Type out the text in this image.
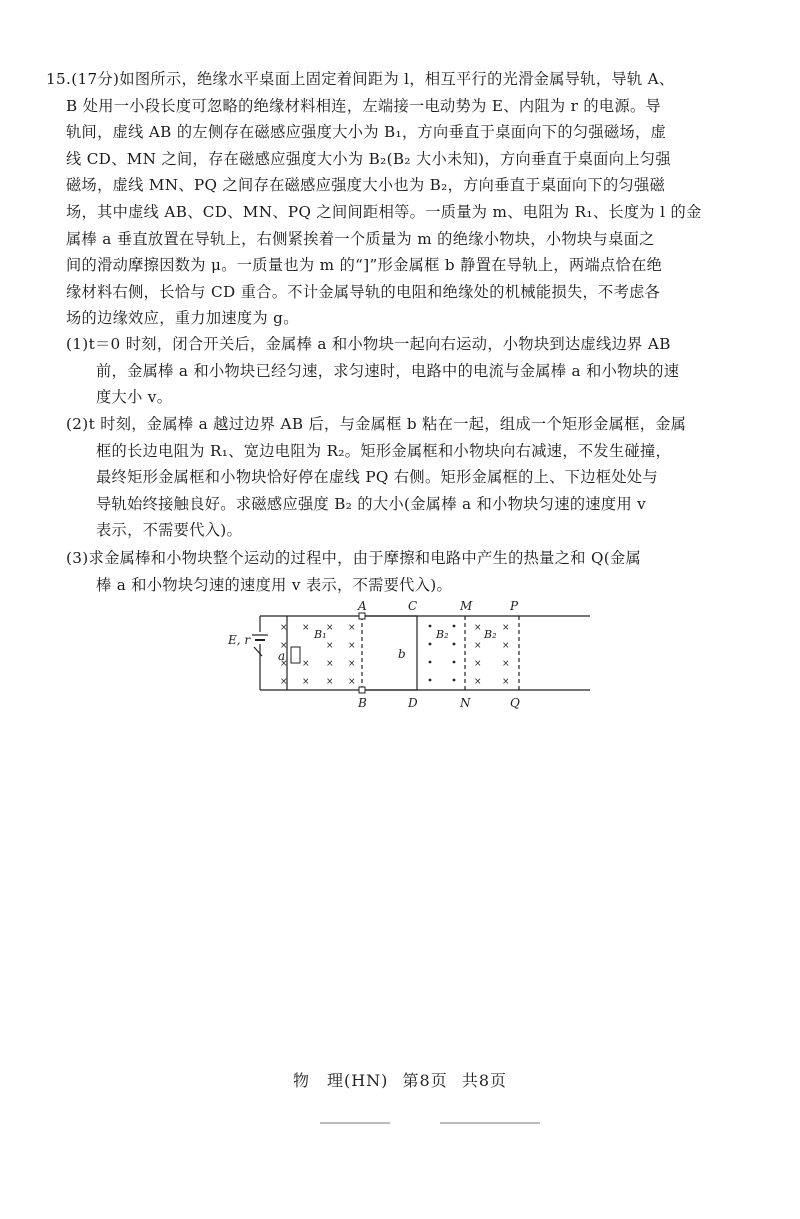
15.(17分)如图所示，绝缘水平桌面上固定着间距为 l，相互平行的光滑金属导轨，导轨 A、
B 处用一小段长度可忽略的绝缘材料相连，左端接一电动势为 E、内阻为 r 的电源。导
轨间，虚线 AB 的左侧存在磁感应强度大小为 B₁，方向垂直于桌面向下的匀强磁场，虚
线 CD、MN 之间，存在磁感应强度大小为 B₂(B₂ 大小未知)，方向垂直于桌面向上匀强
磁场，虚线 MN、PQ 之间存在磁感应强度大小也为 B₂，方向垂直于桌面向下的匀强磁
场，其中虚线 AB、CD、MN、PQ 之间间距相等。一质量为 m、电阻为 R₁、长度为 l 的金
属棒 a 垂直放置在导轨上，右侧紧挨着一个质量为 m 的绝缘小物块，小物块与桌面之
间的滑动摩擦因数为 μ。一质量也为 m 的“]”形金属框 b 静置在导轨上，两端点恰在绝
缘材料右侧，长恰与 CD 重合。不计金属导轨的电阻和绝缘处的机械能损失，不考虑各
场的边缘效应，重力加速度为 g。
(1)t＝0 时刻，闭合开关后，金属棒 a 和小物块一起向右运动，小物块到达虚线边界 AB
前，金属棒 a 和小物块已经匀速，求匀速时，电路中的电流与金属棒 a 和小物块的速
度大小 v。
(2)t 时刻，金属棒 a 越过边界 AB 后，与金属框 b 粘在一起，组成一个矩形金属框，金属
框的长边电阻为 R₁、宽边电阻为 R₂。矩形金属框和小物块向右减速，不发生碰撞，
最终矩形金属框和小物块恰好停在虚线 PQ 右侧。矩形金属框的上、下边框处处与
导轨始终接触良好。求磁感应强度 B₂ 的大小(金属棒 a 和小物块匀速的速度用 v
表示，不需要代入)。
(3)求金属棒和小物块整个运动的过程中，由于摩擦和电路中产生的热量之和 Q(金属
棒 a 和小物块匀速的速度用 v 表示，不需要代入)。
× × × ×
×	× ×
× × × ×
× × × ×
× ×
× ×
× ×
× ×
E, r
a	b
B₁	B₂	B₂
A	C	M	P
B	D	N	Q
物　理(HN) 第8页 共8页
